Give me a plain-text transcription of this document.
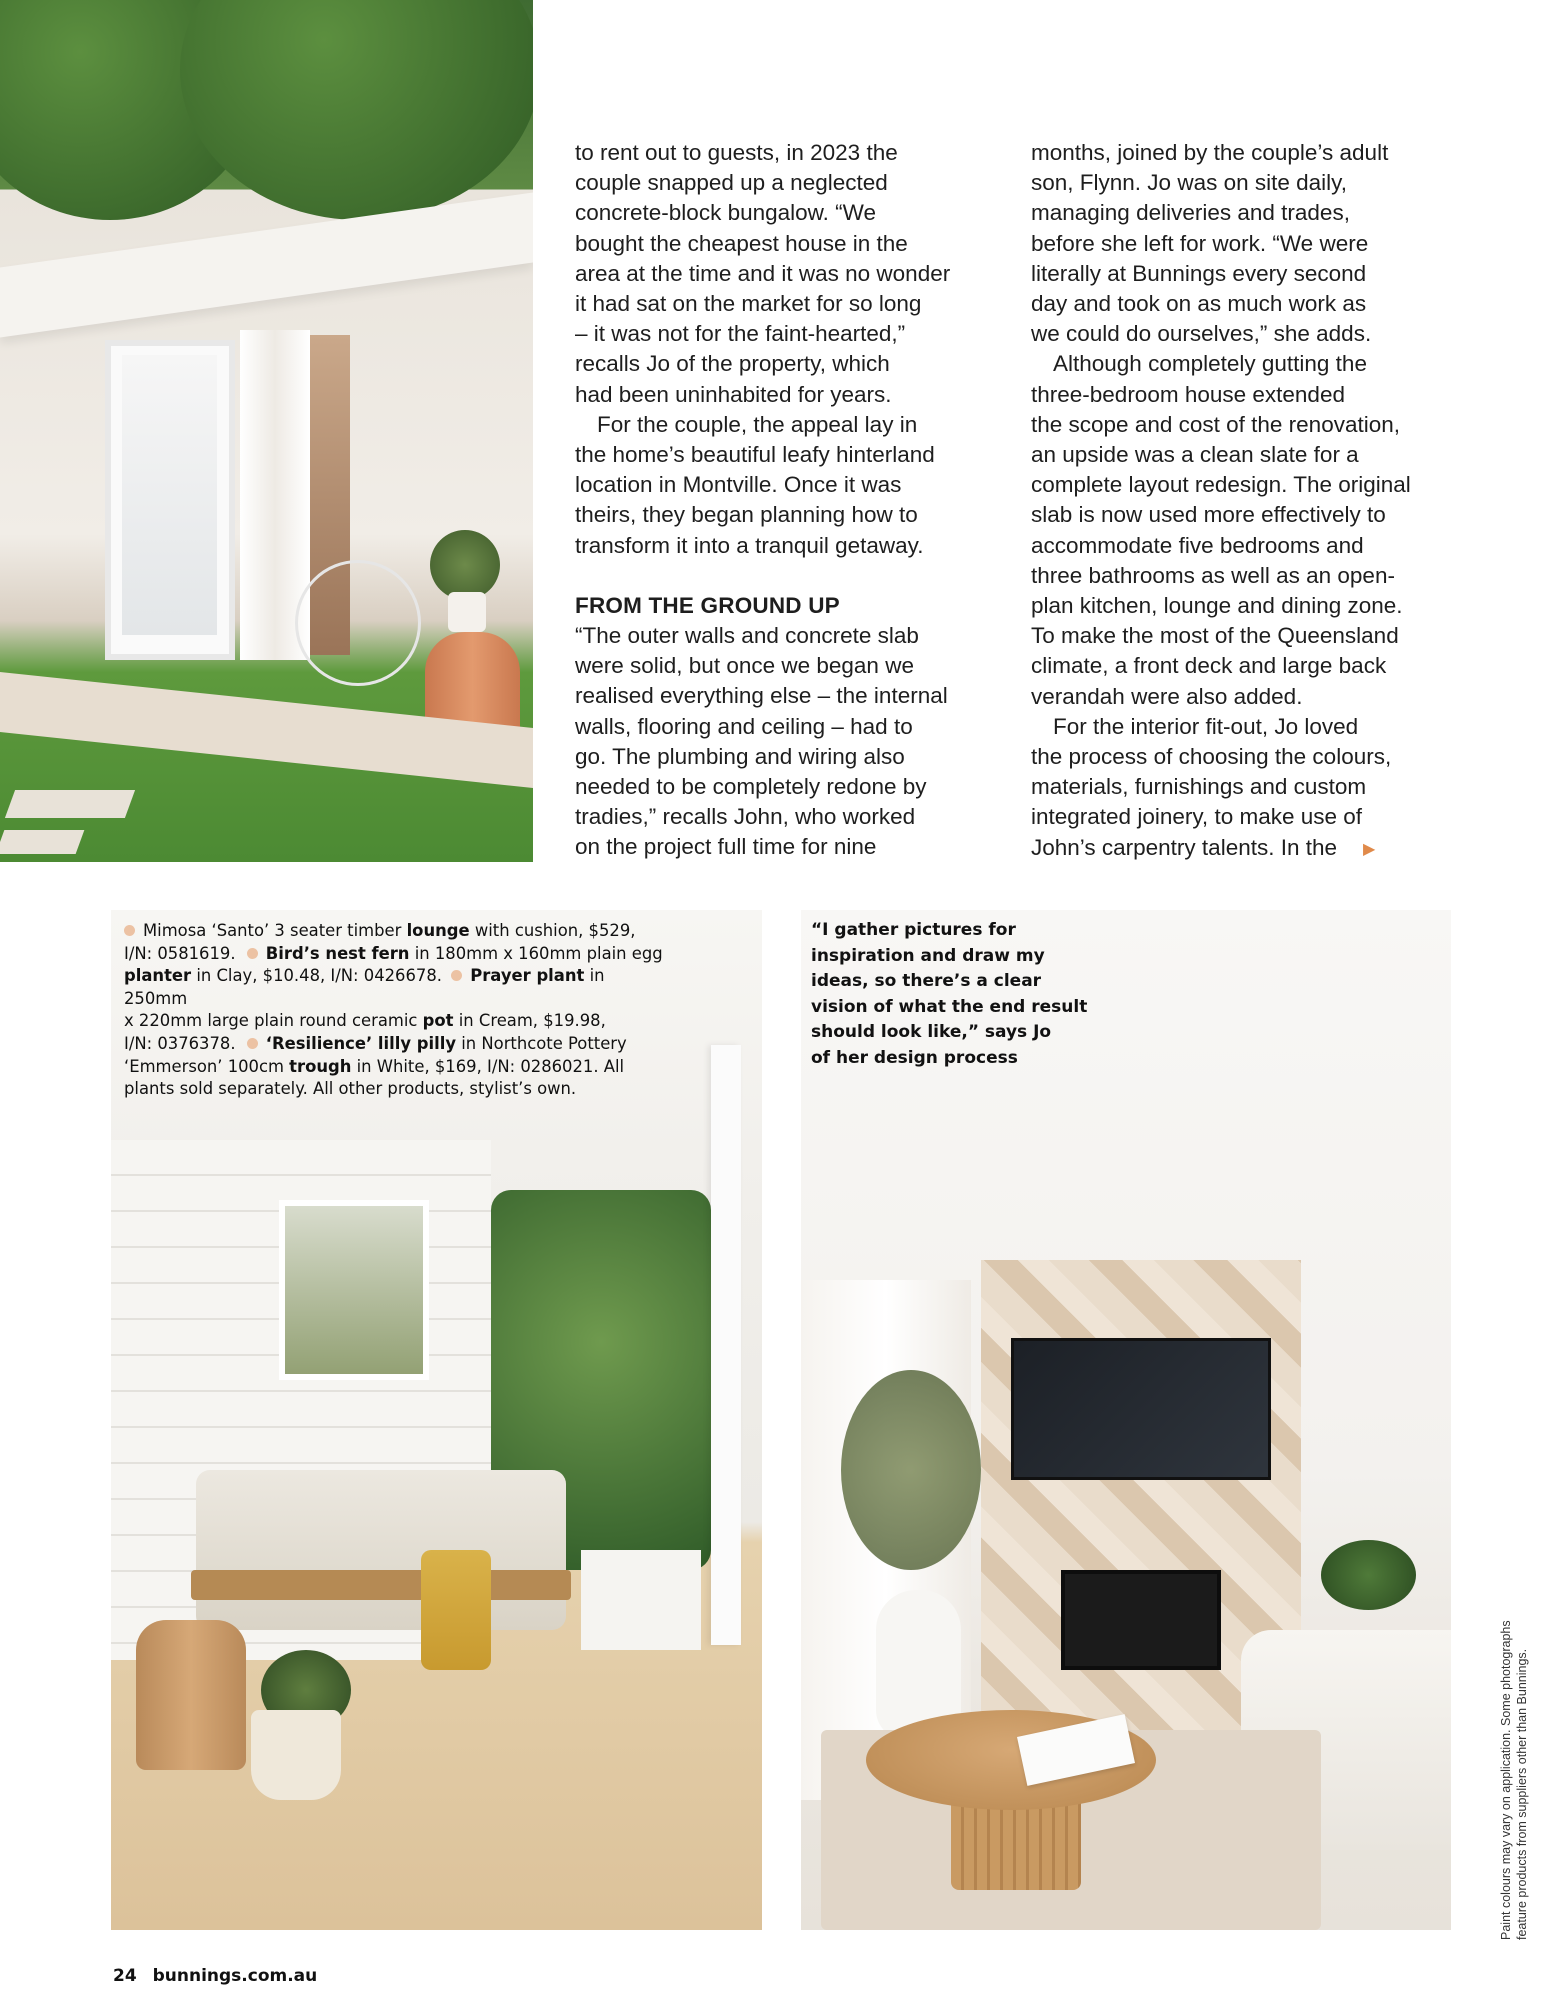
to rent out to guests, in 2023 the
couple snapped up a neglected
concrete-block bungalow. “We
bought the cheapest house in the
area at the time and it was no wonder
it had sat on the market for so long
– it was not for the faint-hearted,”
recalls Jo of the property, which
had been uninhabited for years.

For the couple, the appeal lay in
the home’s beautiful leafy hinterland
location in Montville. Once it was
theirs, they began planning how to
transform it into a tranquil getaway.

FROM THE GROUND UP

“The outer walls and concrete slab
were solid, but once we began we
realised everything else – the internal
walls, flooring and ceiling – had to
go. The plumbing and wiring also
needed to be completely redone by
tradies,” recalls John, who worked
on the project full time for nine

months, joined by the couple’s adult
son, Flynn. Jo was on site daily,
managing deliveries and trades,
before she left for work. “We were
literally at Bunnings every second
day and took on as much work as
we could do ourselves,” she adds.

Although completely gutting the
three-bedroom house extended
the scope and cost of the renovation,
an upside was a clean slate for a
complete layout redesign. The original
slab is now used more effectively to
accommodate five bedrooms and
three bathrooms as well as an open-
plan kitchen, lounge and dining zone.
To make the most of the Queensland
climate, a front deck and large back
verandah were also added.

For the interior fit-out, Jo loved
the process of choosing the colours,
materials, furnishings and custom
integrated joinery, to make use of
John’s carpentry talents. In the ▶

Mimosa ‘Santo’ 3 seater timber lounge with cushion, $529,
I/N: 0581619. Bird’s nest fern in 180mm x 160mm plain egg
planter in Clay, $10.48, I/N: 0426678. Prayer plant in 250mm
x 220mm large plain round ceramic pot in Cream, $19.98,
I/N: 0376378. ‘Resilience’ lilly pilly in Northcote Pottery
‘Emmerson’ 100cm trough in White, $169, I/N: 0286021. All
plants sold separately. All other products, stylist’s own.
“I gather pictures for
inspiration and draw my
ideas, so there’s a clear
vision of what the end result
should look like,” says Jo
of her design process
Paint colours may vary on application. Some photographs feature products from suppliers other than Bunnings.
24 bunnings.com.au
